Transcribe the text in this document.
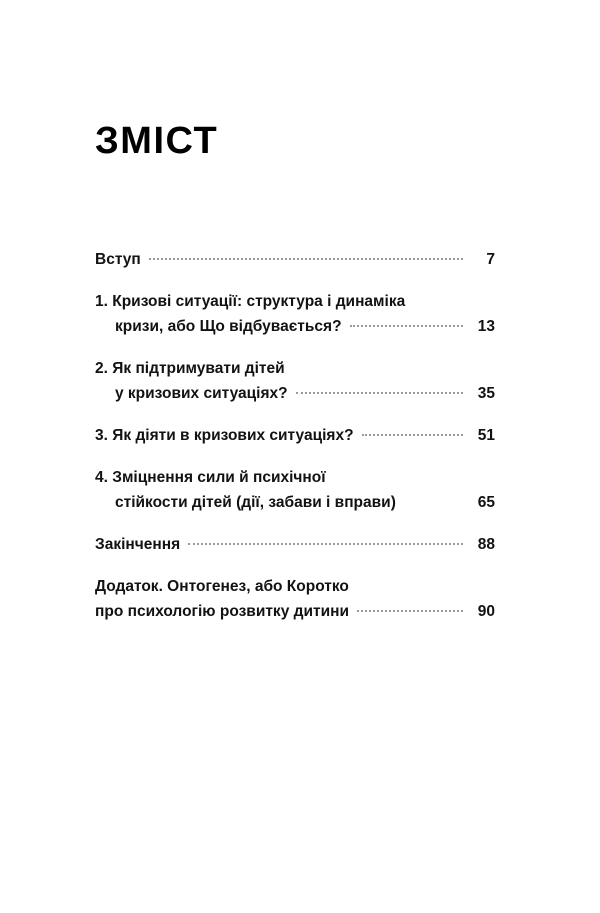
ЗМІСТ
Вступ	7
1. Кризові ситуації: структура і динаміка
кризи, або Що відбувається?	13
2. Як підтримувати дітей
у кризових ситуаціях?	35
3. Як діяти в кризових ситуаціях?	51
4. Зміцнення сили й психічної
стійкости дітей (дії, забави і вправи)	65
Закінчення	88
Додаток. Онтогенез, або Коротко
про психологію розвитку дитини	90
